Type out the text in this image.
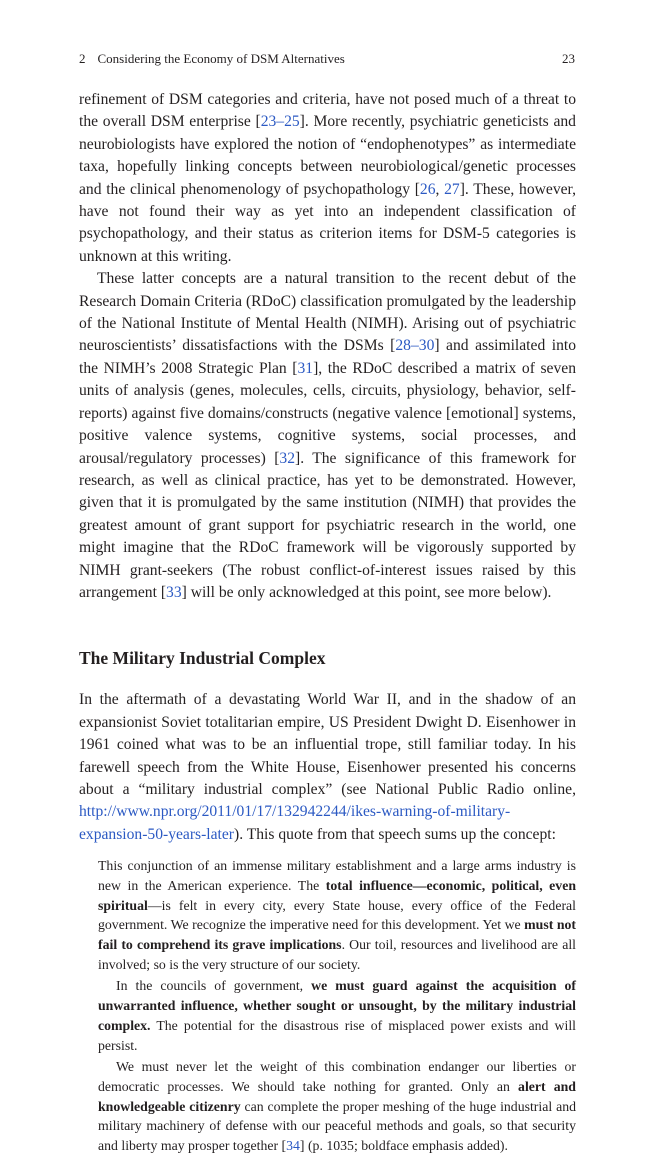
2 Considering the Economy of DSM Alternatives	23

refinement of DSM categories and criteria, have not posed much of a threat to the overall DSM enterprise [23–25]. More recently, psychiatric geneticists and neurobiologists have explored the notion of “endophenotypes” as intermediate taxa, hopefully linking concepts between neurobiological/genetic processes and the clinical phenomenology of psychopathology [26, 27]. These, however, have not found their way as yet into an independent classification of psychopathology, and their status as criterion items for DSM-5 categories is unknown at this writing.

These latter concepts are a natural transition to the recent debut of the Research Domain Criteria (RDoC) classification promulgated by the leadership of the National Institute of Mental Health (NIMH). Arising out of psychiatric neuroscientists’ dissatisfactions with the DSMs [28–30] and assimilated into the NIMH’s 2008 Strategic Plan [31], the RDoC described a matrix of seven units of analysis (genes, molecules, cells, circuits, physiology, behavior, self-reports) against five domains/constructs (negative valence [emotional] systems, positive valence systems, cognitive systems, social processes, and arousal/regulatory processes) [32]. The significance of this framework for research, as well as clinical practice, has yet to be demonstrated. However, given that it is promulgated by the same institution (NIMH) that provides the greatest amount of grant support for psychiatric research in the world, one might imagine that the RDoC framework will be vigorously supported by NIMH grant-seekers (The robust conflict-of-interest issues raised by this arrangement [33] will be only acknowledged at this point, see more below).

The Military Industrial Complex

In the aftermath of a devastating World War II, and in the shadow of an expansionist Soviet totalitarian empire, US President Dwight D. Eisenhower in 1961 coined what was to be an influential trope, still familiar today. In his farewell speech from the White House, Eisenhower presented his concerns about a “military industrial complex” (see National Public Radio online, http://www.npr.org/2011/01/17/132942244/ikes-warning-of-military-expansion-50-years-later). This quote from that speech sums up the concept:

This conjunction of an immense military establishment and a large arms industry is new in the American experience. The total influence—economic, political, even spiritual—is felt in every city, every State house, every office of the Federal government. We recognize the imperative need for this development. Yet we must not fail to comprehend its grave implications. Our toil, resources and livelihood are all involved; so is the very structure of our society.

In the councils of government, we must guard against the acquisition of unwarranted influence, whether sought or unsought, by the military industrial complex. The potential for the disastrous rise of misplaced power exists and will persist.

We must never let the weight of this combination endanger our liberties or democratic processes. We should take nothing for granted. Only an alert and knowledgeable citizenry can complete the proper meshing of the huge industrial and military machinery of defense with our peaceful methods and goals, so that security and liberty may prosper together [34] (p. 1035; boldface emphasis added).
